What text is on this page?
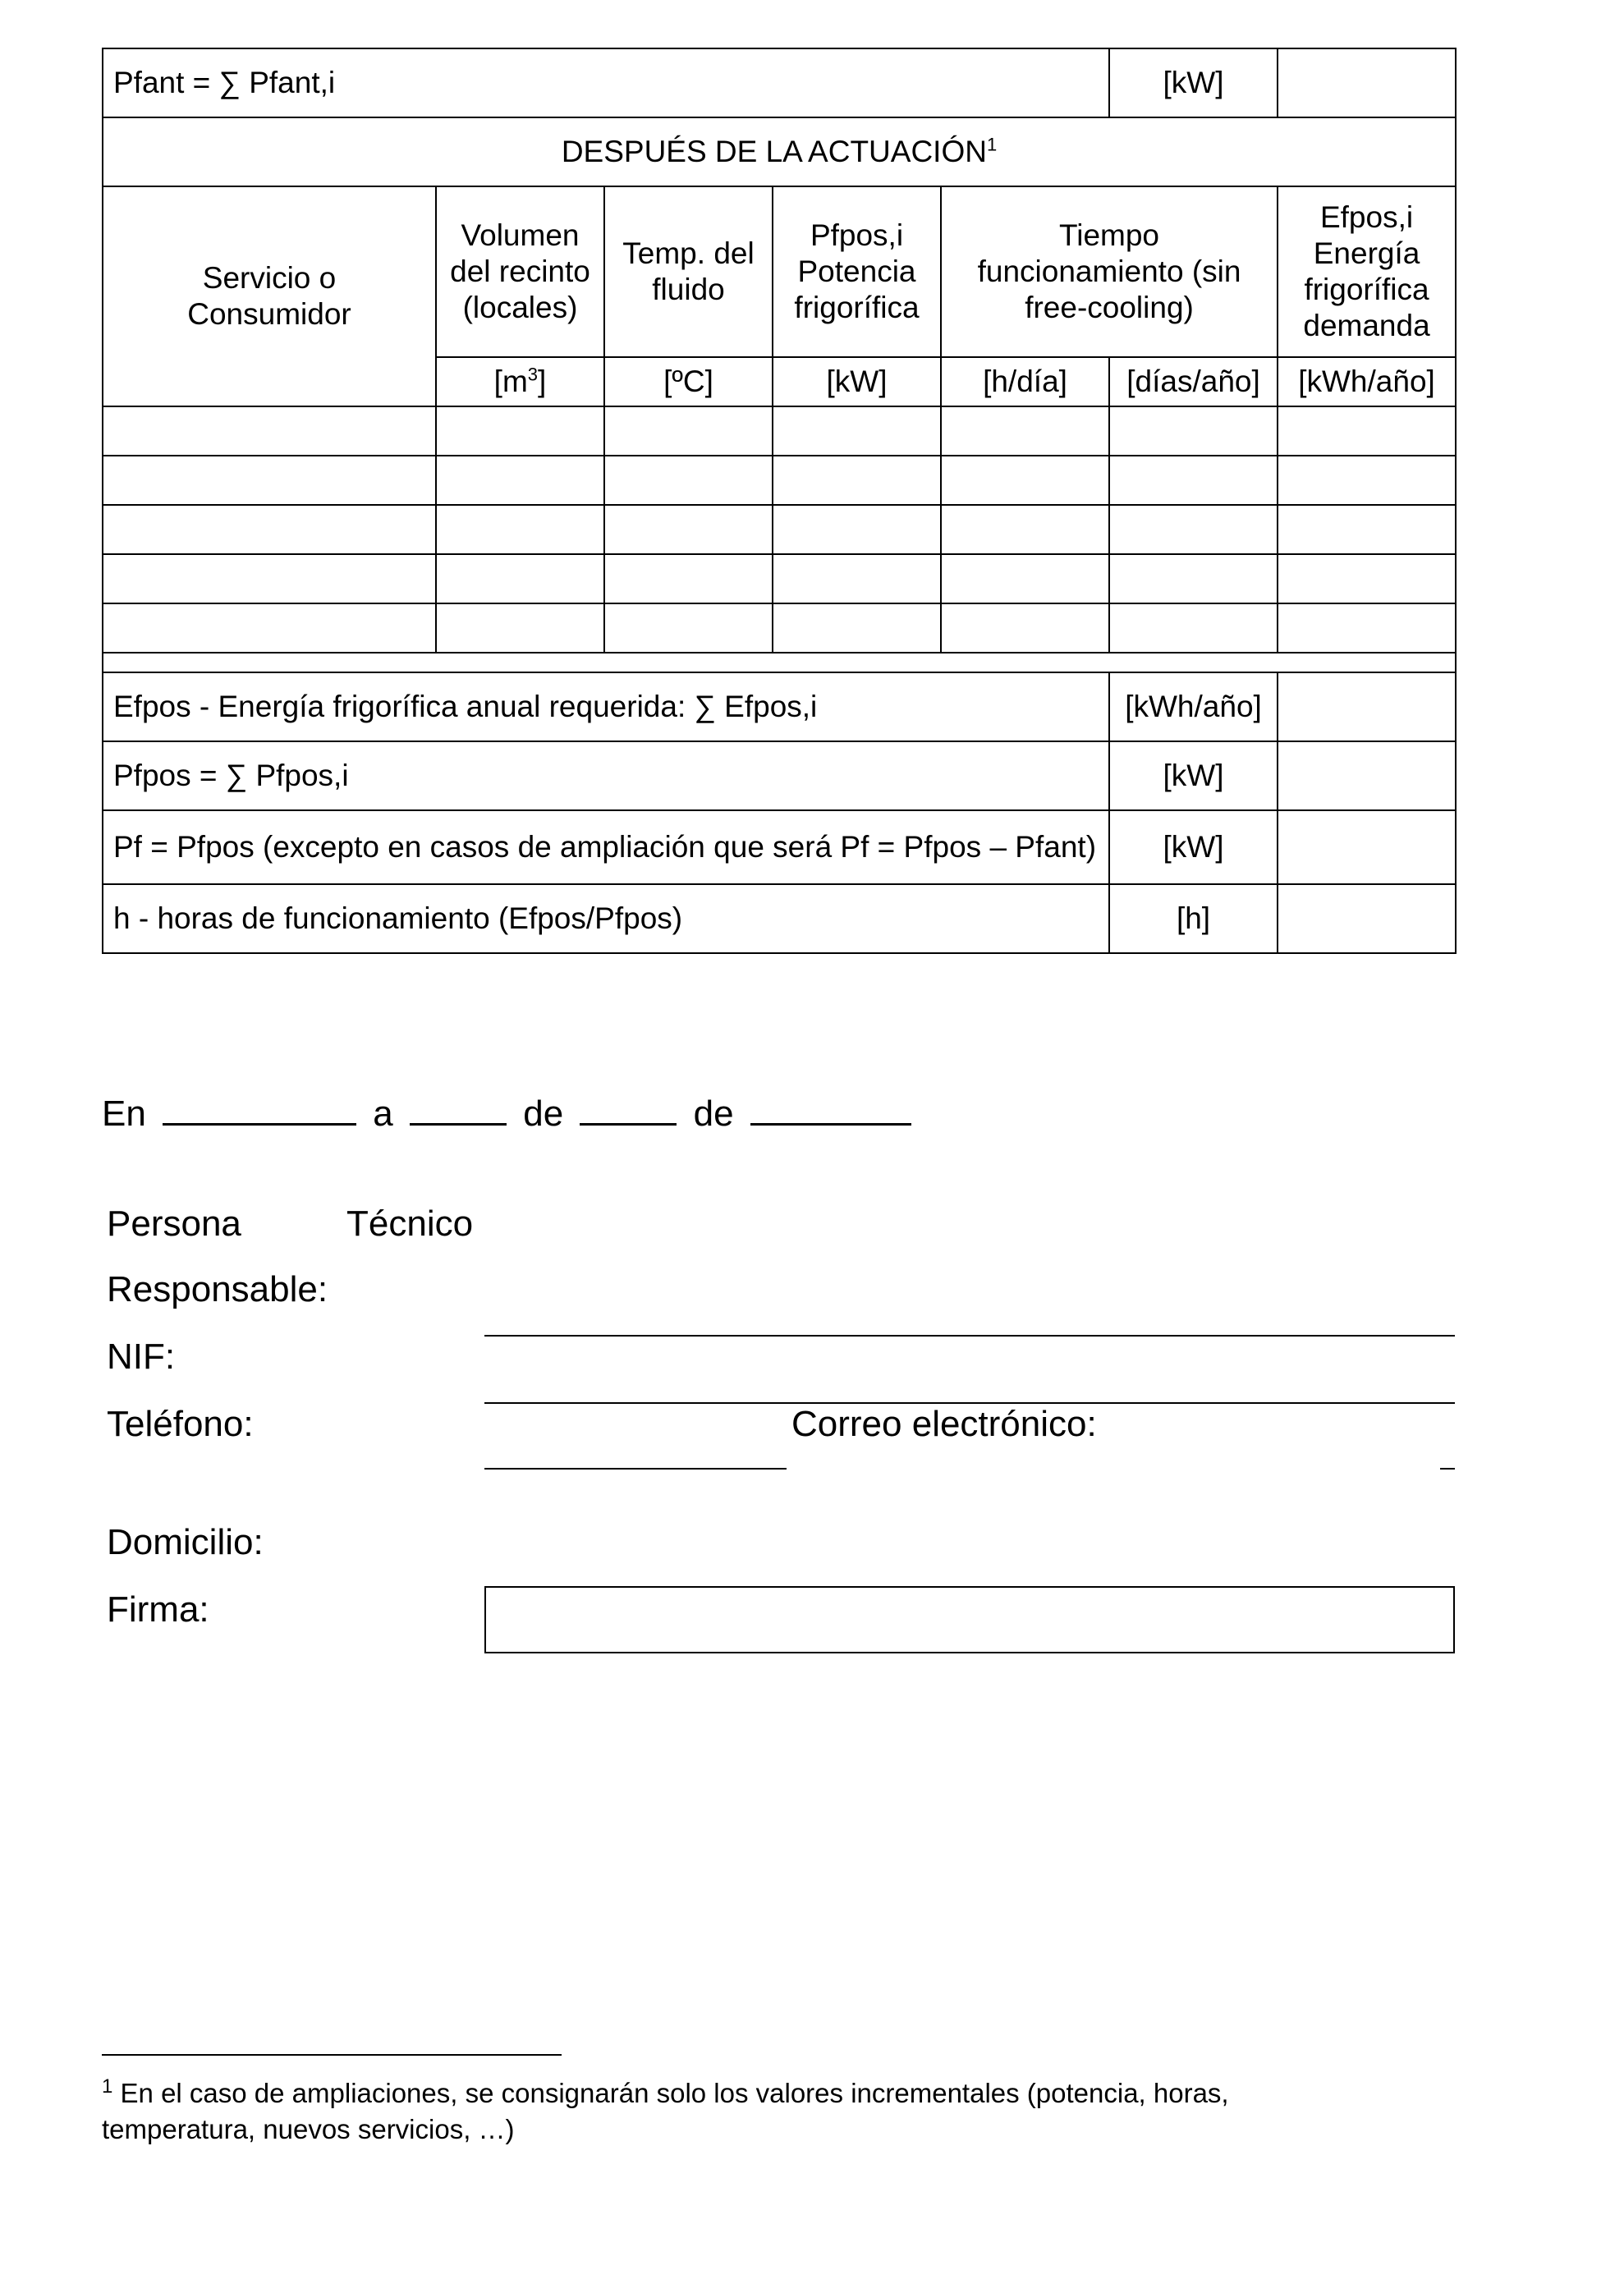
Pfant = ∑ Pfant,i					[kW]	
DESPUÉS DE LA ACTUACIÓN$^1$
Servicio o Consumidor	Volumen del recinto (locales)	Temp. del fluido	Pfpos,i Potencia frigorífica	Tiempo funcionamiento (sin free-cooling)		Efpos,i Energía frigorífica demanda
	$[m^3]$	[ºC]	[kW]	[h/día]	[días/año]	[kWh/año]

Efpos - Energía frigorífica anual requerida: ∑ Efpos,i					[kWh/año]	
Pfpos = ∑ Pfpos,i					[kW]	
Pf = Pfpos (excepto en casos de ampliación que será Pf = Pfpos – Pfant)					[kW]	
h - horas de funcionamiento (Efpos/Pfpos)					[h]	
En	a	de	de
Persona	Técnico
Responsable:
NIF:
Teléfono:	Correo electrónico:
Domicilio:
Firma:
$^1$ En el caso de ampliaciones, se consignarán solo los valores incrementales (potencia, horas, temperatura, nuevos servicios, …)
